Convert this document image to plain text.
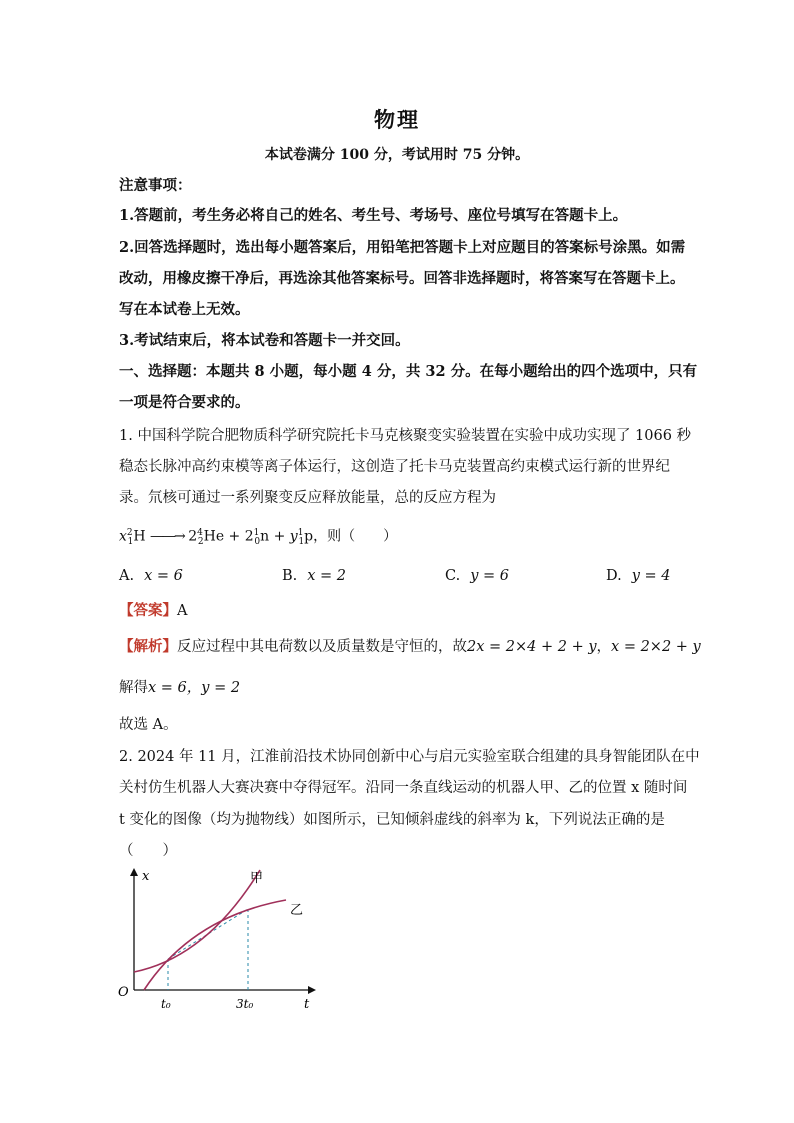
物理
本试卷满分 100 分，考试用时 75 分钟。
注意事项：
1.答题前，考生务必将自己的姓名、考生号、考场号、座位号填写在答题卡上。
2.回答选择题时，选出每小题答案后，用铅笔把答题卡上对应题目的答案标号涂黑。如需
改动，用橡皮擦干净后，再选涂其他答案标号。回答非选择题时，将答案写在答题卡上。
写在本试卷上无效。
3.考试结束后，将本试卷和答题卡一并交回。
一、选择题：本题共 8 小题，每小题 4 分，共 32 分。在每小题给出的四个选项中，只有
一项是符合要求的。
1. 中国科学院合肥物质科学研究院托卡马克核聚变实验装置在实验中成功实现了 1066 秒
稳态长脉冲高约束模等离子体运行，这创造了托卡马克装置高约束模式运行新的世界纪
录。氘核可通过一系列聚变反应释放能量，总的反应方程为
$x^2_1H$ ——→ $2^4_2He + 2^1_0n + y^1_1p$，则（　　）
A. x = 6	B. x = 2	C. y = 6	D. y = 4
【答案】A
【解析】反应过程中其电荷数以及质量数是守恒的，故2x = 2×4 + 2 + y，x = 2×2 + y
解得x = 6，y = 2
故选 A。
2. 2024 年 11 月，江淮前沿技术协同创新中心与启元实验室联合组建的具身智能团队在中
关村仿生机器人大赛决赛中夺得冠军。沿同一条直线运动的机器人甲、乙的位置 x 随时间
t 变化的图像（均为抛物线）如图所示，已知倾斜虚线的斜率为 k，下列说法正确的是
（　　）
x
t
O
t₀	3t₀
甲
乙
